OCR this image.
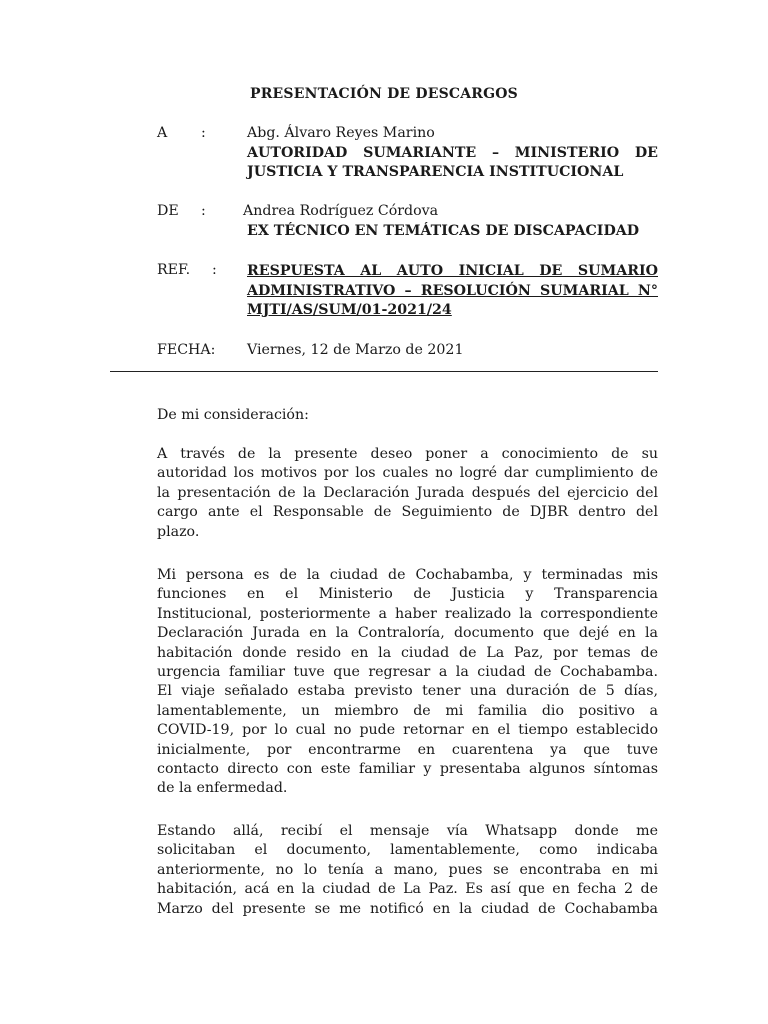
PRESENTACIÓN DE DESCARGOS
A :	Abg. Álvaro Reyes Marino
AUTORIDAD SUMARIANTE – MINISTERIO DE
JUSTICIA Y TRANSPARENCIA INSTITUCIONAL
DE :	Andrea Rodríguez Córdova
EX TÉCNICO EN TEMÁTICAS DE DISCAPACIDAD
REF. : RESPUESTA AL AUTO INICIAL DE SUMARIO
ADMINISTRATIVO – RESOLUCIÓN SUMARIAL N°
MJTI/AS/SUM/01-2021/24
FECHA: Viernes, 12 de Marzo de 2021
De mi consideración:
A través de la presente deseo poner a conocimiento de su
autoridad los motivos por los cuales no logré dar cumplimiento de
la presentación de la Declaración Jurada después del ejercicio del
cargo ante el Responsable de Seguimiento de DJBR dentro del
plazo.
Mi persona es de la ciudad de Cochabamba, y terminadas mis
funciones en el Ministerio de Justicia y Transparencia
Institucional, posteriormente a haber realizado la correspondiente
Declaración Jurada en la Contraloría, documento que dejé en la
habitación donde resido en la ciudad de La Paz, por temas de
urgencia familiar tuve que regresar a la ciudad de Cochabamba.
El viaje señalado estaba previsto tener una duración de 5 días,
lamentablemente, un miembro de mi familia dio positivo a
COVID-19, por lo cual no pude retornar en el tiempo establecido
inicialmente, por encontrarme en cuarentena ya que tuve
contacto directo con este familiar y presentaba algunos síntomas
de la enfermedad.
Estando allá, recibí el mensaje vía Whatsapp donde me
solicitaban el documento, lamentablemente, como indicaba
anteriormente, no lo tenía a mano, pues se encontraba en mi
habitación, acá en la ciudad de La Paz. Es así que en fecha 2 de
Marzo del presente se me notificó en la ciudad de Cochabamba
